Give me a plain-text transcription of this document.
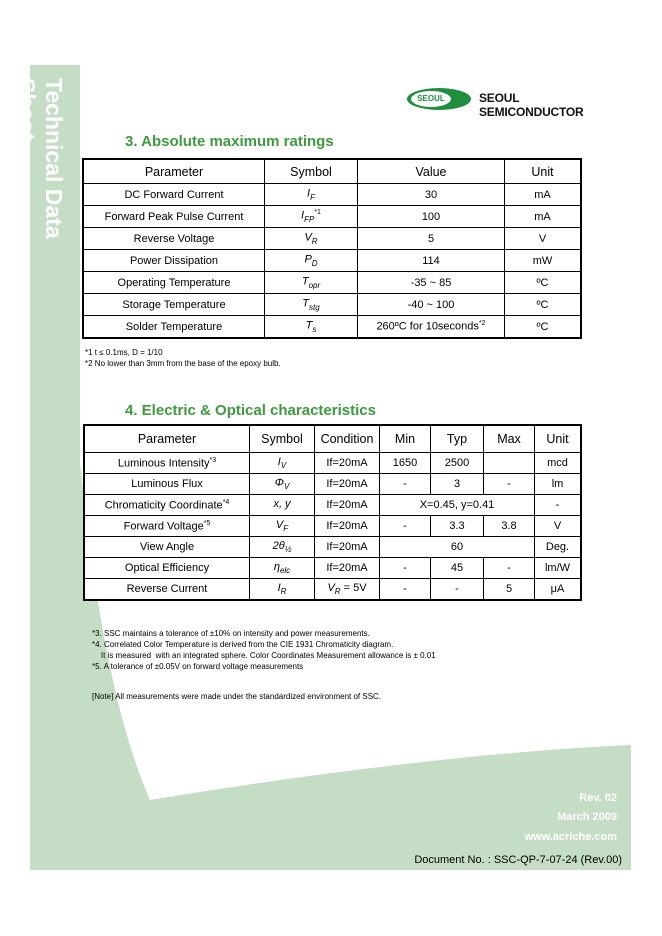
Technical Data Sheet	SEOUL	SEOUL SEMICONDUCTOR
3. Absolute maximum ratings
Parameter	Symbol	Value	Unit
DC Forward Current	$I_F$	30	mA
Forward Peak Pulse Current	$I_{FP}^{*1}$	100	mA
Reverse Voltage	$V_R$	5	V
Power Dissipation	$P_D$	114	mW
Operating Temperature	$T_{opr}$	-35 ~ 85	ºC
Storage Temperature	$T_{stg}$	-40 ~ 100	ºC
Solder Temperature	$T_s$	260ºC for 10seconds$^{*2}$	ºC
*1 t ≤ 0.1ms, D = 1/10
*2 No lower than 3mm from the base of the epoxy bulb.
4. Electric & Optical characteristics
Parameter	Symbol	Condition	Min	Typ	Max	Unit
Luminous Intensity$^{*3}$	$I_V$	If=20mA	1650	2500		mcd
Luminous Flux	$\Phi_V$	If=20mA	-	3	-	lm
Chromaticity Coordinate$^{*4}$	x, y	If=20mA	X=0.45, y=0.41			-
Forward Voltage$^{*5}$	$V_F$	If=20mA	-	3.3	3.8	V
View Angle	$2\theta_{\frac{1}{2}}$	If=20mA	60			Deg.
Optical Efficiency	$\eta_{elc}$	If=20mA	-	45	-	lm/W
Reverse Current	$I_R$	$V_R = 5V$	-	-	5	μA
*3. SSC maintains a tolerance of ±10% on intensity and power measurements.
*4. Correlated Color Temperature is derived from the CIE 1931 Chromaticity diagram.
It is measured  with an integrated sphere. Color Coordinates Measurement allowance is ± 0.01
*5. A tolerance of ±0.05V on forward voltage measurements
[Note] All measurements were made under the standardized environment of SSC.
Rev. 02
March 2009
www.acriche.com
Document No. : SSC-QP-7-07-24 (Rev.00)
